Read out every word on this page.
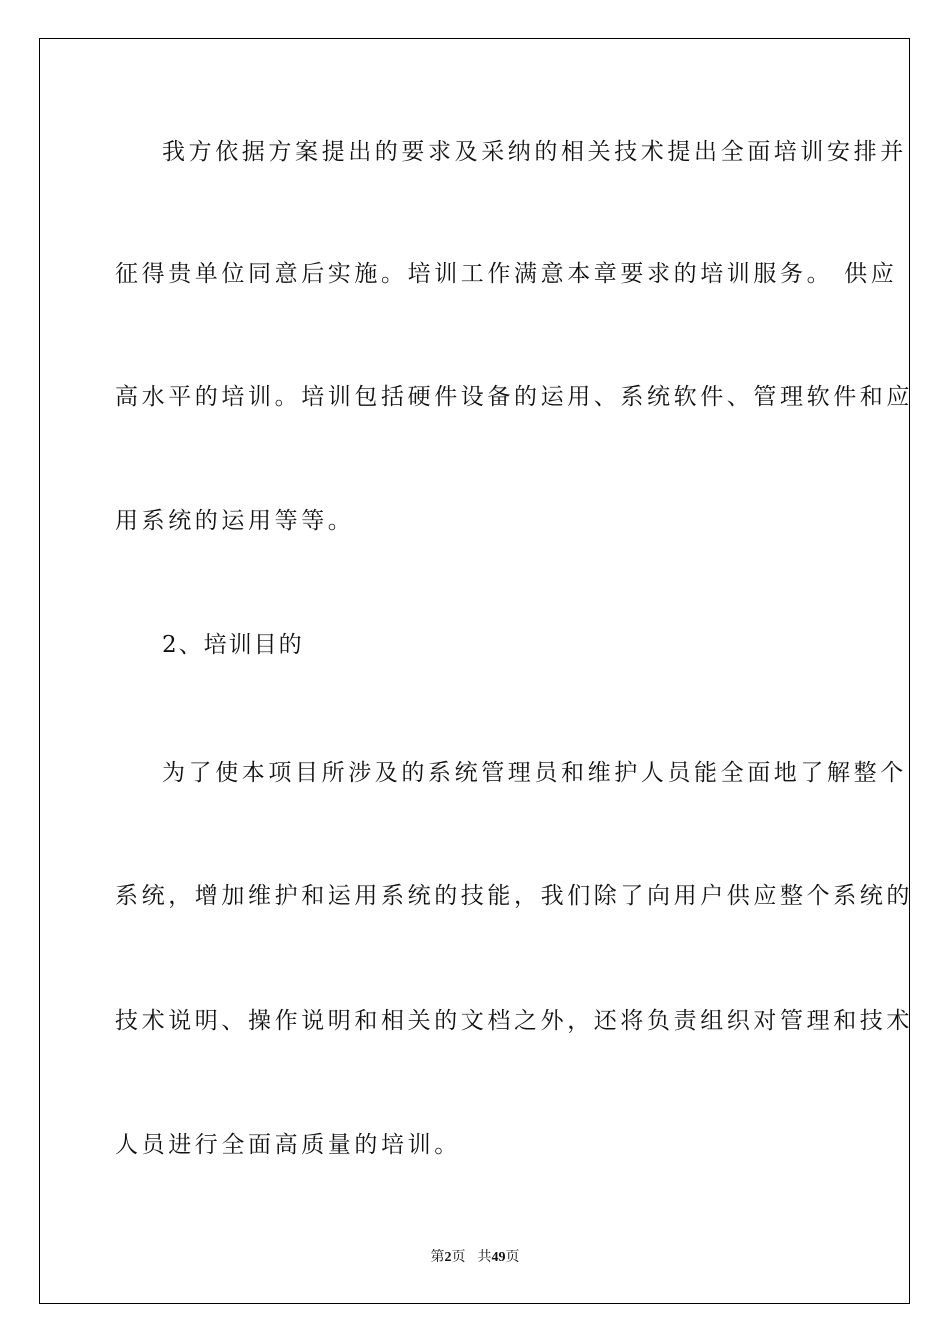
我方依据方案提出的要求及采纳的相关技术提出全面培训安排并
征得贵单位同意后实施。培训工作满意本章要求的培训服务。 供应
高水平的培训。培训包括硬件设备的运用、系统软件、管理软件和应
用系统的运用等等。
2、培训目的
为了使本项目所涉及的系统管理员和维护人员能全面地了解整个
系统，增加维护和运用系统的技能，我们除了向用户供应整个系统的
技术说明、操作说明和相关的文档之外，还将负责组织对管理和技术
人员进行全面高质量的培训。
第2页 共49页
